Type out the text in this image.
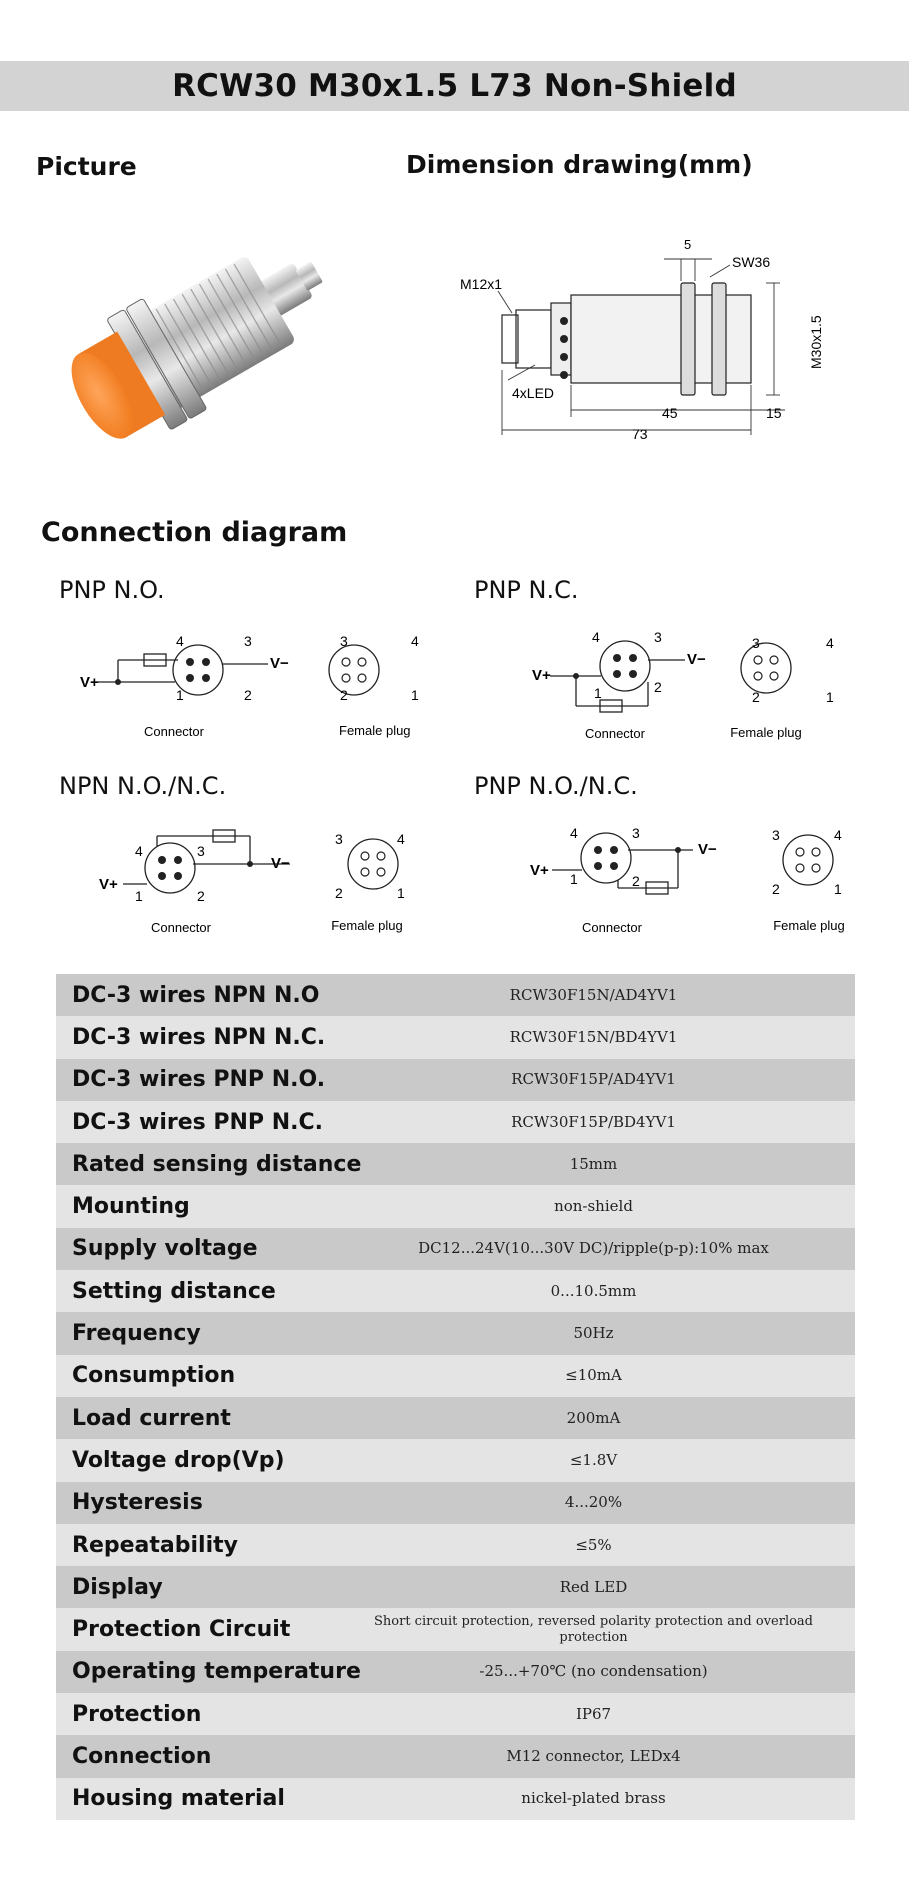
RCW30 M30x1.5 L73 Non-Shield
Picture	Dimension drawing(mm)
M12x1
5
SW36
M30x1.5
4xLED
45	15
73
Connection diagram

PNP N.O.

V+
V−
4	3
1	2
Connector
3	4
2	1
Female plug

PNP N.C.

V+
V−
4	3
1	2
Connector
3	4
2	1
Female plug

NPN N.O./N.C.

V+
V−
4	3
1	2
Connector
3	4
2	1
Female plug

PNP N.O./N.C.

V+
V−
4	3
1	2
Connector
3	4
2	1
Female plug
DC-3 wires NPN N.O	RCW30F15N/AD4YV1
DC-3 wires NPN N.C.	RCW30F15N/BD4YV1
DC-3 wires PNP N.O.	RCW30F15P/AD4YV1
DC-3 wires PNP N.C.	RCW30F15P/BD4YV1
Rated sensing distance	15mm
Mounting	non-shield
Supply voltage	DC12...24V(10...30V DC)/ripple(p-p):10% max
Setting distance	0...10.5mm
Frequency	50Hz
Consumption	≤10mA
Load current	200mA
Voltage drop(Vp)	≤1.8V
Hysteresis	4...20%
Repeatability	≤5%
Display	Red LED
Protection Circuit	Short circuit protection, reversed polarity protection and overload protection
Operating temperature	-25...+70℃ (no condensation)
Protection	IP67
Connection	M12 connector, LEDx4
Housing material	nickel-plated brass
